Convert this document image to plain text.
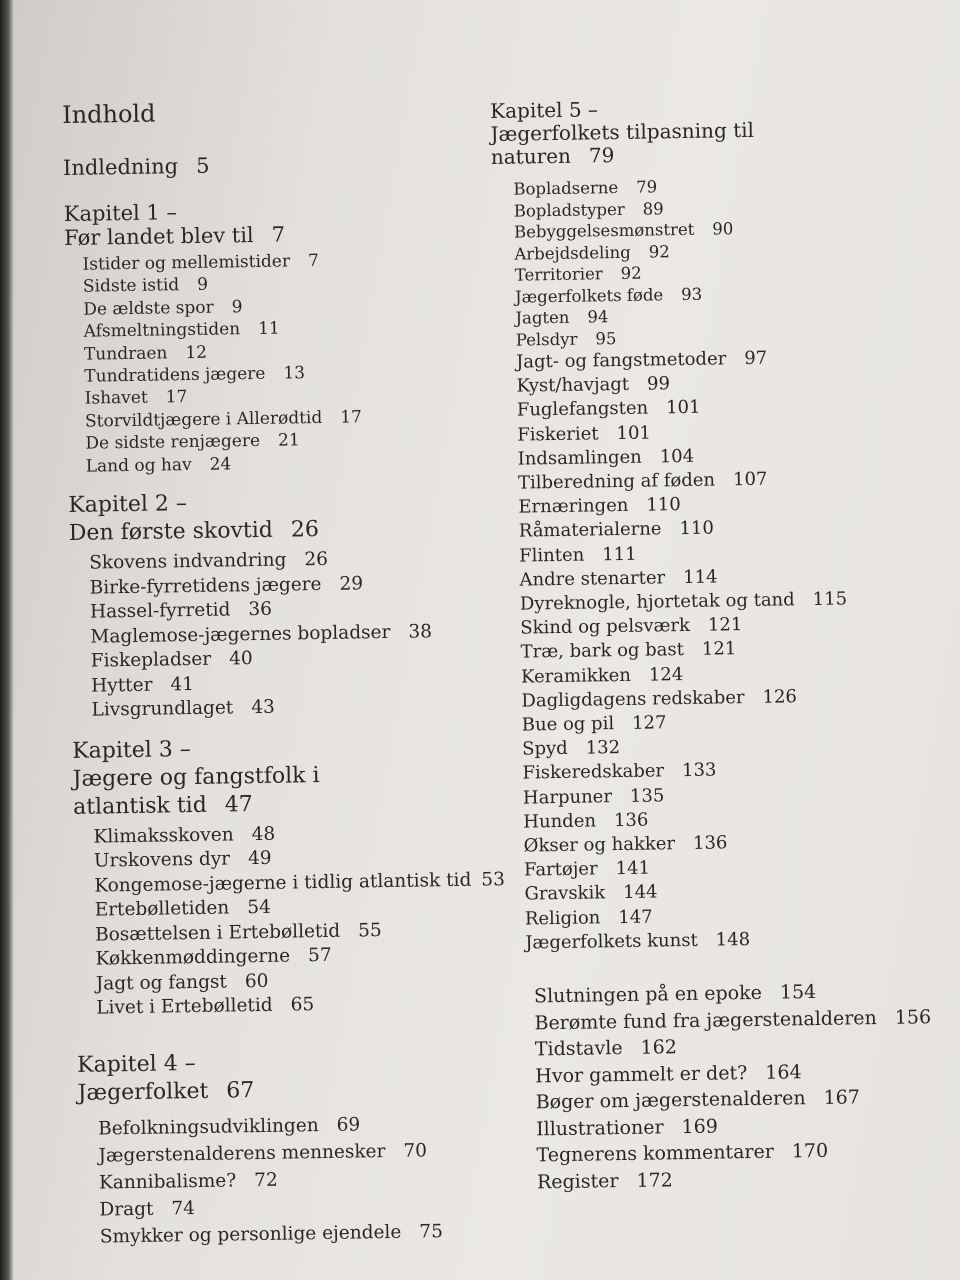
Indhold
Indledning 5
Kapitel 1 –
Før landet blev til 7
Istider og mellemistider 7
Sidste istid 9
De ældste spor 9
Afsmeltningstiden 11
Tundraen 12
Tundratidens jægere 13
Ishavet 17
Storvildtjægere i Allerødtid 17
De sidste renjægere 21
Land og hav 24
Kapitel 2 –
Den første skovtid 26
Skovens indvandring 26
Birke-fyrretidens jægere 29
Hassel-fyrretid 36
Maglemose-jægernes bopladser 38
Fiskepladser 40
Hytter 41
Livsgrundlaget 43
Kapitel 3 –
Jægere og fangstfolk i
atlantisk tid 47
Klimaksskoven 48
Urskovens dyr 49
Kongemose-jægerne i tidlig atlantisk tid 53
Ertebølletiden 54
Bosættelsen i Ertebølletid 55
Køkkenmøddingerne 57
Jagt og fangst 60
Livet i Ertebølletid 65
Kapitel 4 –
Jægerfolket 67
Befolkningsudviklingen 69
Jægerstenalderens mennesker 70
Kannibalisme? 72
Dragt 74
Smykker og personlige ejendele 75
Kapitel 5 –
Jægerfolkets tilpasning til
naturen 79
Bopladserne 79
Bopladstyper 89
Bebyggelsesmønstret 90
Arbejdsdeling 92
Territorier 92
Jægerfolkets føde 93
Jagten 94
Pelsdyr 95
Jagt- og fangstmetoder 97
Kyst/havjagt 99
Fuglefangsten 101
Fiskeriet 101
Indsamlingen 104
Tilberedning af føden 107
Ernæringen 110
Råmaterialerne 110
Flinten 111
Andre stenarter 114
Dyreknogle, hjortetak og tand 115
Skind og pelsværk 121
Træ, bark og bast 121
Keramikken 124
Dagligdagens redskaber 126
Bue og pil 127
Spyd 132
Fiskeredskaber 133
Harpuner 135
Hunden 136
Økser og hakker 136
Fartøjer 141
Gravskik 144
Religion 147
Jægerfolkets kunst 148
Slutningen på en epoke 154
Berømte fund fra jægerstenalderen 156
Tidstavle 162
Hvor gammelt er det? 164
Bøger om jægerstenalderen 167
Illustrationer 169
Tegnerens kommentarer 170
Register 172
